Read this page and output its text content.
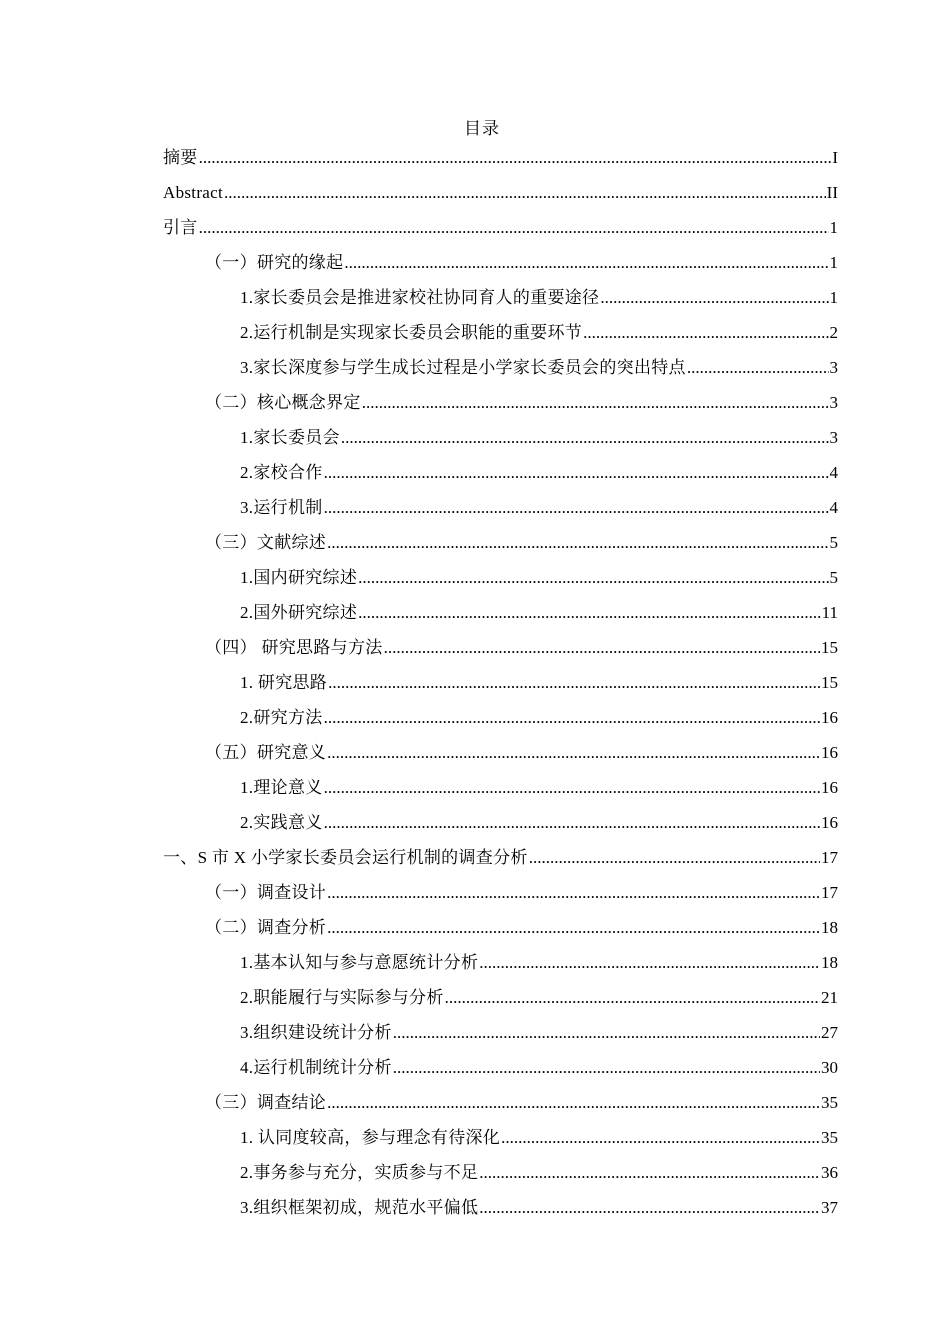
目录
摘要 .....	I
Abstract .....	II
引言 .....	1
（一）研究的缘起 .....	1
1.家长委员会是推进家校社协同育人的重要途径 .....	1
2.运行机制是实现家长委员会职能的重要环节 .....	2
3.家长深度参与学生成长过程是小学家长委员会的突出特点 .....	3
（二）核心概念界定 .....	3
1.家长委员会 .....	3
2.家校合作 .....	4
3.运行机制 .....	4
（三）文献综述 .....	5
1.国内研究综述 .....	5
2.国外研究综述 .....	11
（四） 研究思路与方法 .....	15
1. 研究思路 .....	15
2.研究方法 .....	16
（五）研究意义 .....	16
1.理论意义 .....	16
2.实践意义 .....	16
一、S 市 X 小学家长委员会运行机制的调查分析 .....	17
（一）调查设计 .....	17
（二）调查分析 .....	18
1.基本认知与参与意愿统计分析 .....	18
2.职能履行与实际参与分析 .....	21
3.组织建设统计分析 .....	27
4.运行机制统计分析 .....	30
（三）调查结论 .....	35
1. 认同度较高，参与理念有待深化 .....	35
2.事务参与充分，实质参与不足 .....	36
3.组织框架初成，规范水平偏低 .....	37
